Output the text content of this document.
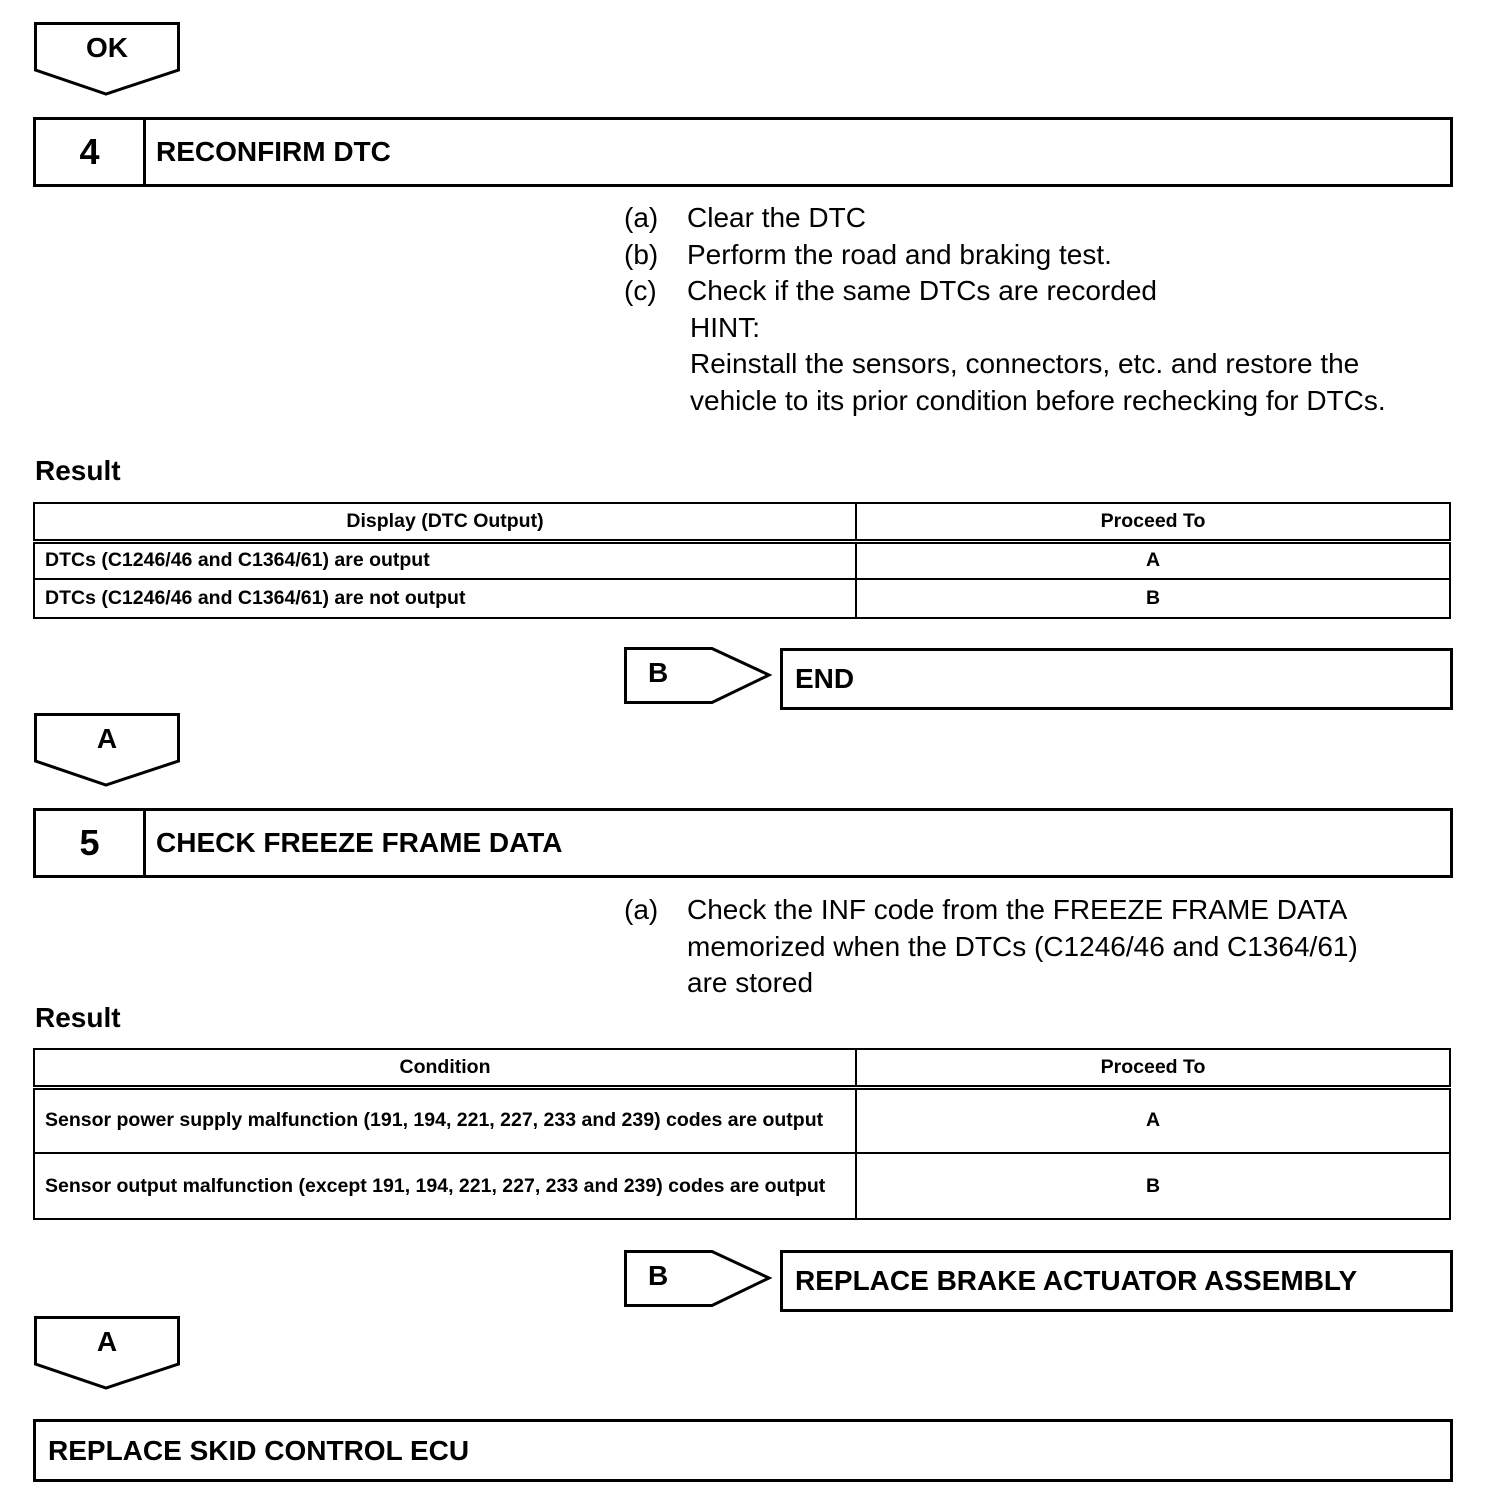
OK
4	RECONFIRM DTC
(a)	Clear the DTC
(b)	Perform the road and braking test.
(c)	Check if the same DTCs are recorded
HINT:
Reinstall the sensors, connectors, etc. and restore the
vehicle to its prior condition before rechecking for DTCs.
Result
Display (DTC Output)	Proceed To
DTCs (C1246/46 and C1364/61) are output	A
DTCs (C1246/46 and C1364/61) are not output	B
B	END
A
5	CHECK FREEZE FRAME DATA
(a)	Check the INF code from the FREEZE FRAME DATA
memorized when the DTCs (C1246/46 and C1364/61)
are stored
Result
Condition	Proceed To
Sensor power supply malfunction (191, 194, 221, 227, 233 and 239) codes are output	A
Sensor output malfunction (except 191, 194, 221, 227, 233 and 239) codes are output	B
B	REPLACE BRAKE ACTUATOR ASSEMBLY
A
REPLACE SKID CONTROL ECU
